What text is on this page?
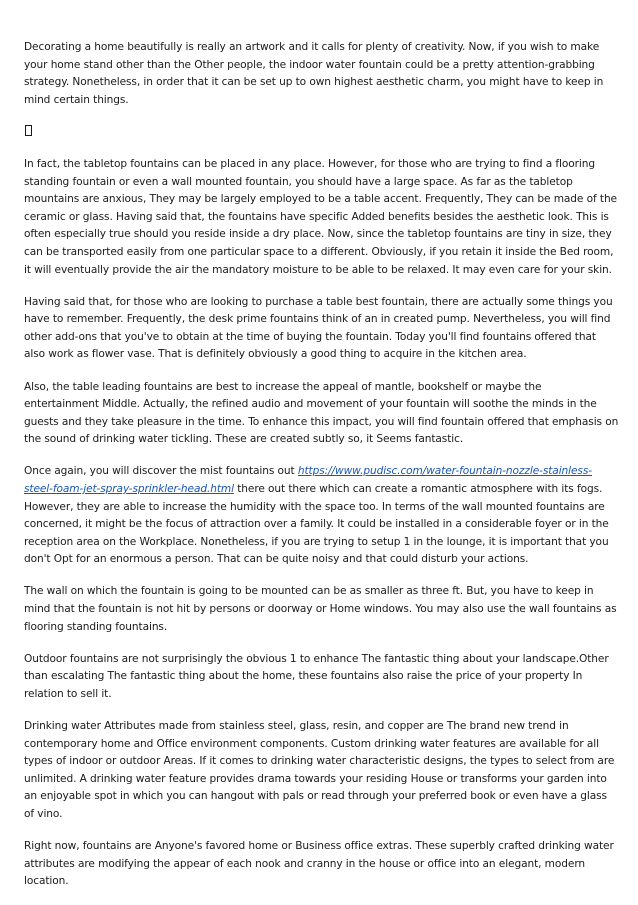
Decorating a home beautifully is really an artwork and it calls for plenty of creativity. Now, if you wish to make your home stand other than the Other people, the indoor water fountain could be a pretty attention-grabbing strategy. Nonetheless, in order that it can be set up to own highest aesthetic charm, you might have to keep in mind certain things.

In fact, the tabletop fountains can be placed in any place. However, for those who are trying to find a flooring standing fountain or even a wall mounted fountain, you should have a large space. As far as the tabletop mountains are anxious, They may be largely employed to be a table accent. Frequently, They can be made of the ceramic or glass. Having said that, the fountains have specific Added benefits besides the aesthetic look. This is often especially true should you reside inside a dry place. Now, since the tabletop fountains are tiny in size, they can be transported easily from one particular space to a different. Obviously, if you retain it inside the Bed room, it will eventually provide the air the mandatory moisture to be able to be relaxed. It may even care for your skin.

Having said that, for those who are looking to purchase a table best fountain, there are actually some things you have to remember. Frequently, the desk prime fountains think of an in created pump. Nevertheless, you will find other add-ons that you've to obtain at the time of buying the fountain. Today you'll find fountains offered that also work as flower vase. That is definitely obviously a good thing to acquire in the kitchen area.

Also, the table leading fountains are best to increase the appeal of mantle, bookshelf or maybe the entertainment Middle. Actually, the refined audio and movement of your fountain will soothe the minds in the guests and they take pleasure in the time. To enhance this impact, you will find fountain offered that emphasis on the sound of drinking water tickling. These are created subtly so, it Seems fantastic.

Once again, you will discover the mist fountains out https://www.pudisc.com/water-fountain-nozzle-stainless-steel-foam-jet-spray-sprinkler-head.html there out there which can create a romantic atmosphere with its fogs. However, they are able to increase the humidity with the space too. In terms of the wall mounted fountains are concerned, it might be the focus of attraction over a family. It could be installed in a considerable foyer or in the reception area on the Workplace. Nonetheless, if you are trying to setup 1 in the lounge, it is important that you don't Opt for an enormous a person. That can be quite noisy and that could disturb your actions.

The wall on which the fountain is going to be mounted can be as smaller as three ft. But, you have to keep in mind that the fountain is not hit by persons or doorway or Home windows. You may also use the wall fountains as flooring standing fountains.

Outdoor fountains are not surprisingly the obvious 1 to enhance The fantastic thing about your landscape.Other than escalating The fantastic thing about the home, these fountains also raise the price of your property In relation to sell it.

Drinking water Attributes made from stainless steel, glass, resin, and copper are The brand new trend in contemporary home and Office environment components. Custom drinking water features are available for all types of indoor or outdoor Areas. If it comes to drinking water characteristic designs, the types to select from are unlimited. A drinking water feature provides drama towards your residing House or transforms your garden into an enjoyable spot in which you can hangout with pals or read through your preferred book or even have a glass of vino.

Right now, fountains are Anyone's favored home or Business office extras. These superbly crafted drinking water attributes are modifying the appear of each nook and cranny in the house or office into an elegant, modern location.
